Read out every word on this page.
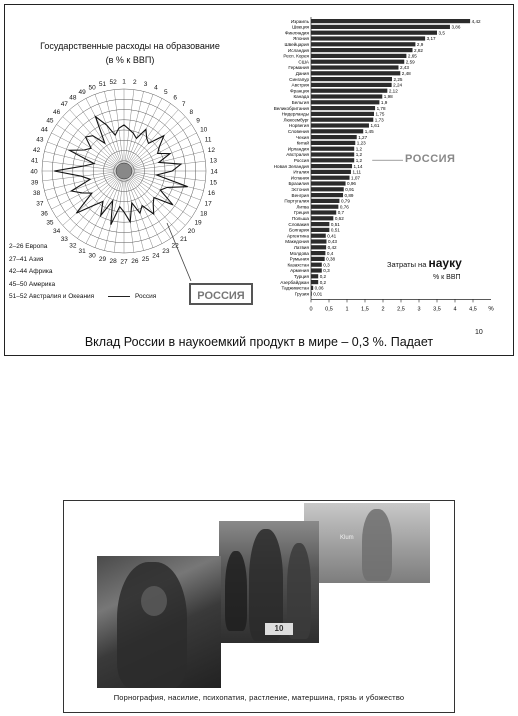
Государственные расходы на образование
(в % к ВВП)
1 2 3 4
5
6
7
8
9
10
11
12
13
14
15
16
17
18
19
20
21
22
23
24
25
26
27
28
29
30
31
32
33
34
35
36
37
38
39
40
41
42
43
44
45
46
47
48
49
50 51 52
2–26 Европа
27–41 Азия
42–44 Африка
45–50 Америка
51–52 Австралия и Океания	Россия	РОССИЯ
0 0,5 1 1,5 2 2,5 3 3,5 4 4,5 %
Израиль	4,42
Швеция	3,86
Финляндия	3,5
Япония	3,17
Швейцария	2,9
Исландия	2,82
Респ. Корея	2,65
США	2,59
Германия	2,43
Дания	2,48
Сингапур	2,25
Австрия	2,24
Франция	2,12
Канада	1,98
Бельгия	1,9
Великобритания	1,78
Нидерланды	1,75
Люксембург	1,73
Норвегия	1,61
Словения	1,45
Чехия	1,27
Китай	1,23
Ирландия	1,2
Австралия	1,2
Россия	1,2
Новая Зеландия	1,14
Италия	1,11
Испания	1,07
Бразилия	0,96
Эстония	0,91
Венгрия	0,89
Португалия	0,79
Литва	0,76
Греция	0,7
Польша	0,62
Словакия	0,51
Болгария	0,51
Аргентина	0,41
Македония	0,43
Латвия	0,42
Молдова	0,4
Румыния	0,38
Казахстан	0,3
Армения	0,3
Турция 0,2
Азербайджан 0,2
Таджикистан 0,06
Грузия 0,01
РОССИЯ
Затраты на науку
% к ВВП
10
Вклад России в наукоемкий продукт в мире – 0,3 %. Падает
Klum
10
Порнография, насилие, психопатия, растление, матершина, грязь и убожество
